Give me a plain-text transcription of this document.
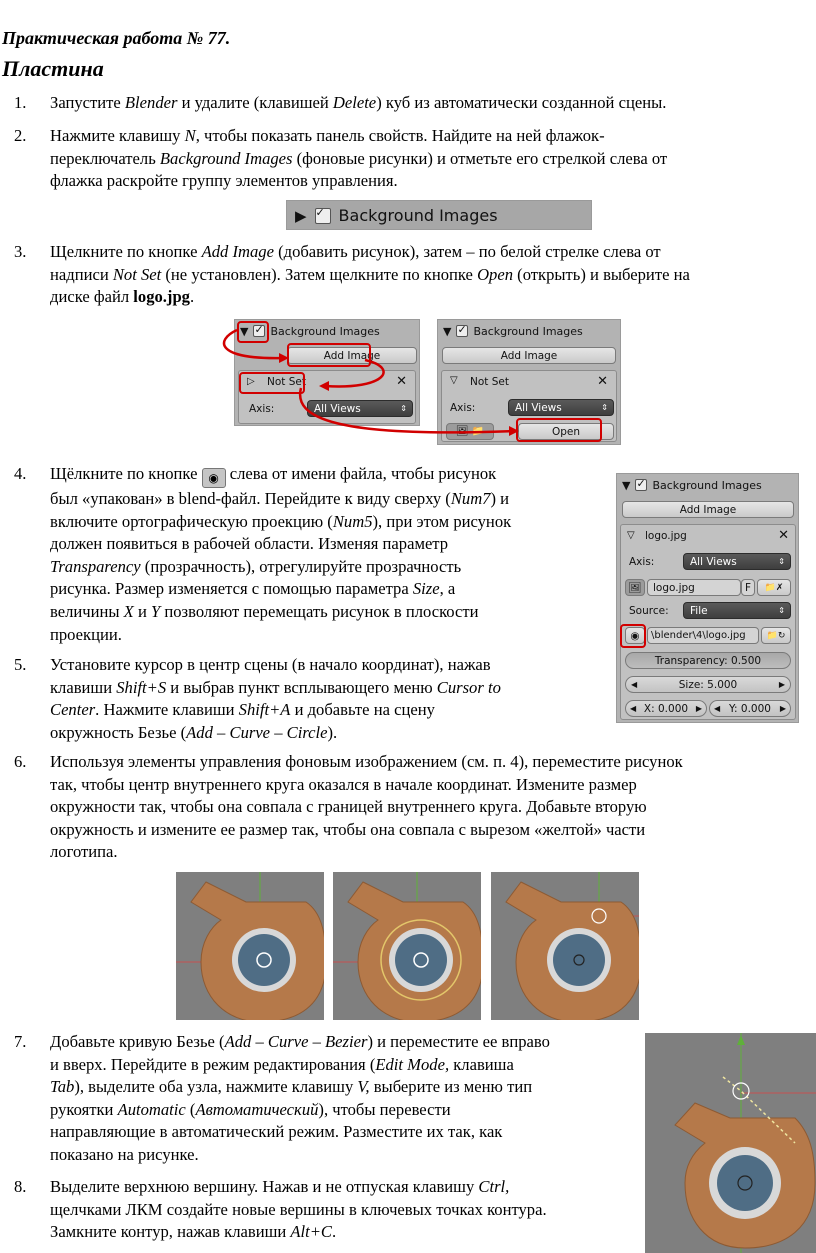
Практическая работа № 77.
Пластина
1.	Запустите Blender и удалите (клавишей Delete) куб из автоматически созданной сцены.
2.	Нажмите клавишу N, чтобы показать панель свойств. Найдите на ней флажок-
переключатель Background Images (фоновые рисунки) и отметьте его стрелкой слева от
флажка раскройте группу элементов управления.
▶ ✓ Background Images
3.	Щелкните по кнопке Add Image (добавить рисунок), затем – по белой стрелке слева от
надписи Not Set (не установлен). Затем щелкните по кнопке Open (открыть) и выберите на
диске файл logo.jpg.
▼ ✓ Background Images
Add Image
▷ Not Set	✕
Axis:	All Views	⇕
▼ ✓ Background Images
Add Image
▽ Not Set	✕
Axis:	All Views	⇕
🖼 📁	Open
4.	Щёлкните по кнопке ◉ слева от имени файла, чтобы рисунок
был «упакован» в blend-файл. Перейдите к виду сверху (Num7) и
включите ортографическую проекцию (Num5), при этом рисунок
должен появиться в рабочей области. Изменяя параметр
Transparency (прозрачность), отрегулируйте прозрачность
рисунка. Размер изменяется с помощью параметра Size, а
величины X и Y позволяют перемещать рисунок в плоскости
проекции.
▼ ✓ Background Images
Add Image
▽ logo.jpg	✕
Axis:	All Views	⇕
🖼	logo.jpg	F	📁✗
Source: File	⇕
◉	\blender\4\logo.jpg	📁↻
Transparency: 0.500
◀	Size: 5.000	▶
◀ X: 0.000 ▶ ◀ Y: 0.000 ▶
5.	Установите курсор в центр сцены (в начало координат), нажав
клавиши Shift+S и выбрав пункт всплывающего меню Cursor to
Center. Нажмите клавиши Shift+A и добавьте на сцену
окружность Безье (Add – Curve – Circle).
6.	Используя элементы управления фоновым изображением (см. п. 4), переместите рисунок
так, чтобы центр внутреннего круга оказался в начале координат. Измените размер
окружности так, чтобы она совпала с границей внутреннего круга. Добавьте вторую
окружность и измените ее размер так, чтобы она совпала с вырезом «желтой» части
логотипа.
7.	Добавьте кривую Безье (Add – Curve – Bezier) и переместите ее вправо
и вверх. Перейдите в режим редактирования (Edit Mode, клавиша
Tab), выделите оба узла, нажмите клавишу V, выберите из меню тип
рукоятки Automatic (Автоматический), чтобы перевести
направляющие в автоматический режим. Разместите их так, как
показано на рисунке.
8.	Выделите верхнюю вершину. Нажав и не отпуская клавишу Ctrl,
щелчками ЛКМ создайте новые вершины в ключевых точках контура.
Замкните контур, нажав клавиши Alt+C.
